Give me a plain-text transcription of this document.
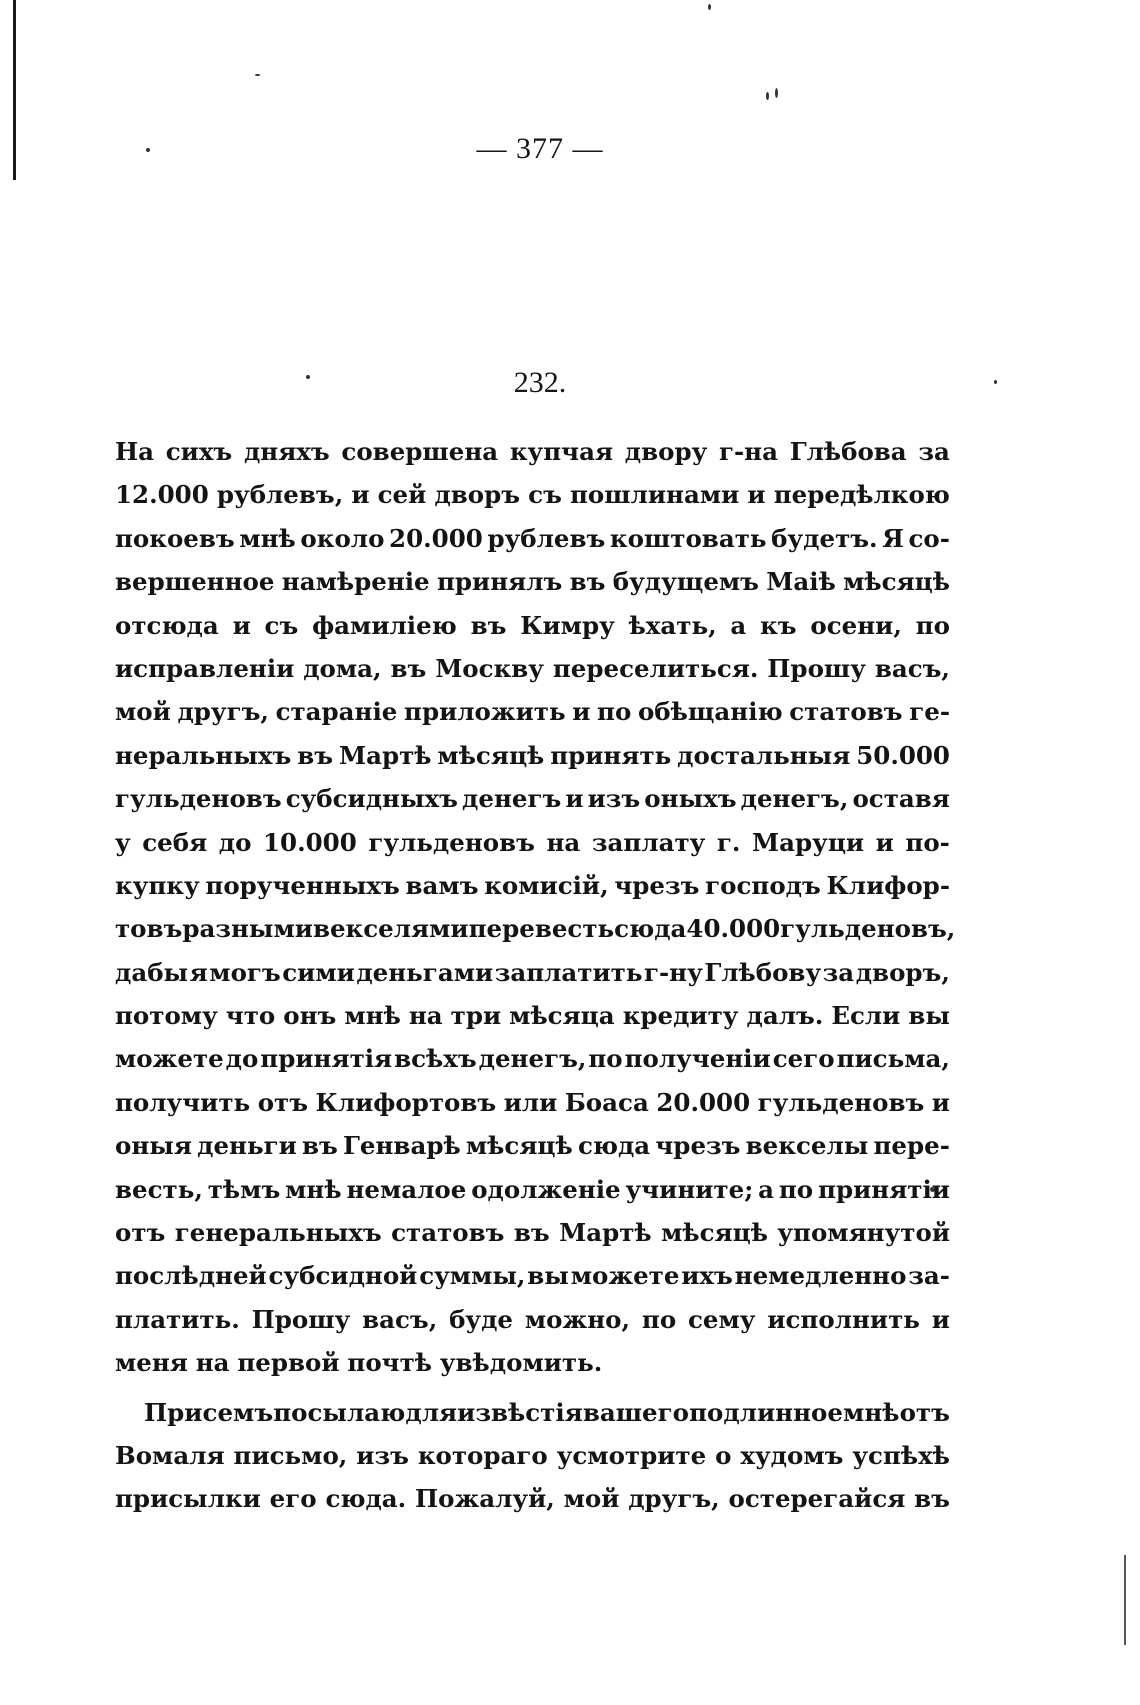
— 377 —
232.
На сихъ дняхъ совершена купчая двору г-на Глѣбова за
12.000 рублевъ, и сей дворъ съ пошлинами и передѣлкою
покоевъ мнѣ около 20.000 рублевъ коштовать будетъ. Я со-
вершенное намѣреніе принялъ въ будущемъ Маіѣ мѣсяцѣ
отсюда и съ фамиліею въ Кимру ѣхать, а къ осени, по
исправленіи дома, въ Москву переселиться. Прошу васъ,
мой другъ, стараніе приложить и по обѣщанію статовъ ге-
неральныхъ въ Мартѣ мѣсяцѣ принять достальныя 50.000
гульденовъ субсидныхъ денегъ и изъ оныхъ денегъ, оставя
у себя до 10.000 гульденовъ на заплату г. Маруци и по-
купку порученныхъ вамъ комисій, чрезъ господъ Клифор-
товъ разными векселями перевесть сюда 40.000 гульденовъ,
дабы я могъ сими деньгами заплатить г-ну Глѣбову за дворъ,
потому что онъ мнѣ на три мѣсяца кредиту далъ. Если вы
можете до принятія всѣхъ денегъ, по полученіи сего письма,
получить отъ Клифортовъ или Боаса 20.000 гульденовъ и
оныя деньги въ Генварѣ мѣсяцѣ сюда чрезъ векселы пере-
весть, тѣмъ мнѣ немалое одолженіе учините; а по принятіи
отъ генеральныхъ статовъ въ Мартѣ мѣсяцѣ упомянутой
послѣдней субсидной суммы, вы можете ихъ немедленно за-
платить. Прошу васъ, буде можно, по сему исполнить и
меня на первой почтѣ увѣдомить.
При семъ посылаю для извѣстія вашего подлинное мнѣ отъ
Вомаля письмо, изъ котораго усмотрите о худомъ успѣхѣ
присылки его сюда. Пожалуй, мой другъ, остерегайся въ
